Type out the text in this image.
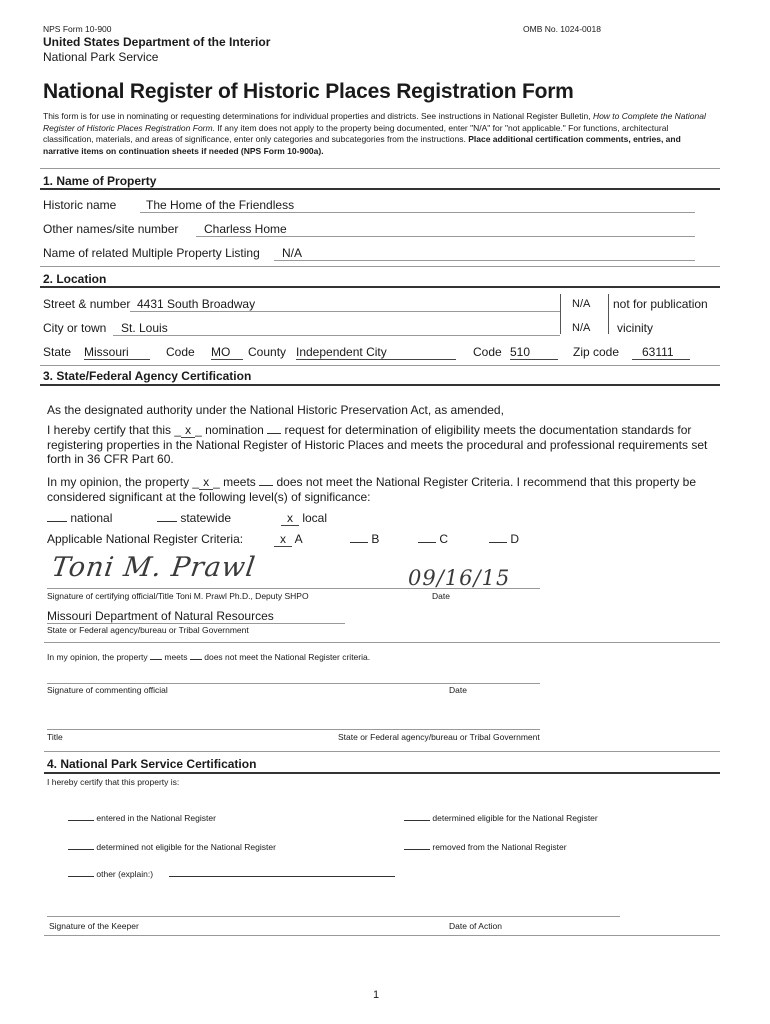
NPS Form 10-900	OMB No. 1024-0018
United States Department of the Interior
National Park Service
National Register of Historic Places Registration Form
This form is for use in nominating or requesting determinations for individual properties and districts. See instructions in National Register Bulletin, How to Complete the National Register of Historic Places Registration Form. If any item does not apply to the property being documented, enter "N/A" for "not applicable." For functions, architectural classification, materials, and areas of significance, enter only categories and subcategories from the instructions. Place additional certification comments, entries, and narrative items on continuation sheets if needed (NPS Form 10-900a).
1. Name of Property
Historic name The Home of the Friendless
Other names/site number Charless Home
Name of related Multiple Property Listing N/A
2. Location
Street & number 4431 South Broadway	N/A not for publication
City or town St. Louis	N/A vicinity
State Missouri	Code MO	County Independent City	Code 510	Zip code	63111
3. State/Federal Agency Certification
As the designated authority under the National Historic Preservation Act, as amended,
I hereby certify that this _ x _ nomination  request for determination of eligibility meets the documentation standards for registering properties in the National Register of Historic Places and meets the procedural and professional requirements set forth in 36 CFR Part 60.
In my opinion, the property _ x _ meets  does not meet the National Register Criteria. I recommend that this property be considered significant at the following level(s) of significance:
national	statewide	x local
Applicable National Register Criteria:	x A	B	C	D
Toni M. Prawl	09/16/15
Signature of certifying official/Title Toni M. Prawl Ph.D., Deputy SHPO	Date
Missouri Department of Natural Resources
State or Federal agency/bureau or Tribal Government
In my opinion, the property  meets  does not meet the National Register criteria.
Signature of commenting official	Date
Title	State or Federal agency/bureau or Tribal Government
4. National Park Service Certification
I hereby certify that this property is:
entered in the National Register	determined eligible for the National Register
determined not eligible for the National Register	removed from the National Register
other (explain:)
Signature of the Keeper	Date of Action
1
